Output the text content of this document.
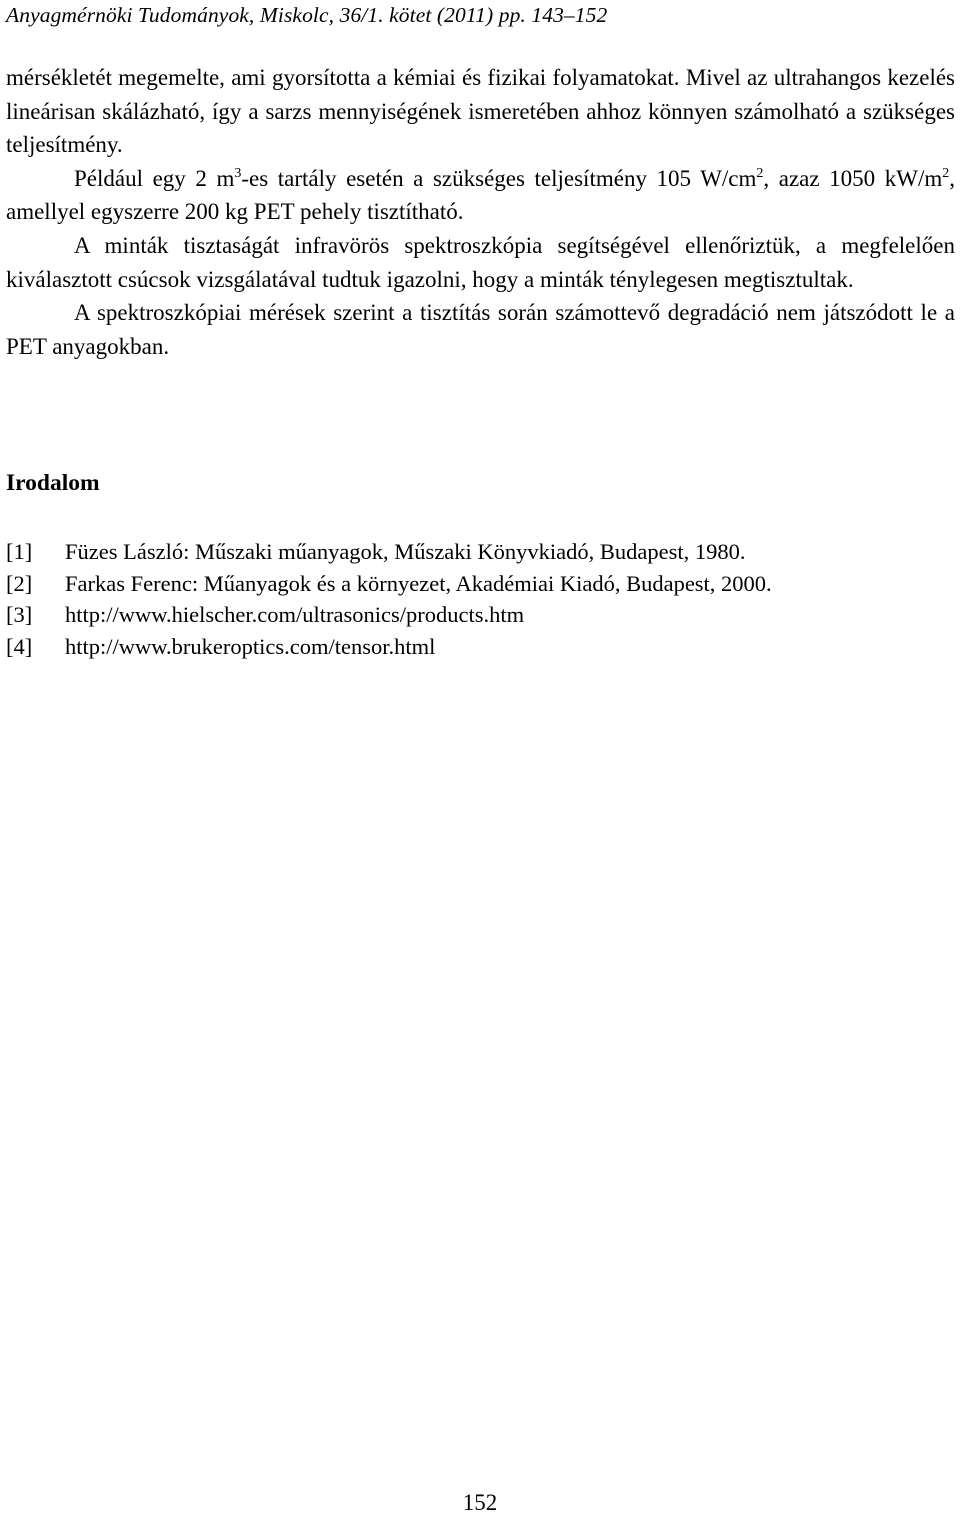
Anyagmérnöki Tudományok, Miskolc, 36/1. kötet (2011) pp. 143–152

mérsékletét megemelte, ami gyorsította a kémiai és fizikai folyamatokat. Mivel az ultrahangos kezelés lineárisan skálázható, így a sarzs mennyiségének ismeretében ahhoz könnyen számolható a szükséges teljesítmény.

Például egy 2 $m^3-es$ tartály esetén a szükséges teljesítmény 105 $W/cm^2$, azaz 1050 $kW/m^2$, amellyel egyszerre 200 kg PET pehely tisztítható.

A minták tisztaságát infravörös spektroszkópia segítségével ellenőriztük, a megfelelően kiválasztott csúcsok vizsgálatával tudtuk igazolni, hogy a minták ténylegesen megtisztultak.

A spektroszkópiai mérések szerint a tisztítás során számottevő degradáció nem játszódott le a PET anyagokban.

Irodalom
[1]	Füzes László: Műszaki műanyagok, Műszaki Könyvkiadó, Budapest, 1980.
[2]	Farkas Ferenc: Műanyagok és a környezet, Akadémiai Kiadó, Budapest, 2000.
[3]	http://www.hielscher.com/ultrasonics/products.htm
[4]	http://www.brukeroptics.com/tensor.html
152
